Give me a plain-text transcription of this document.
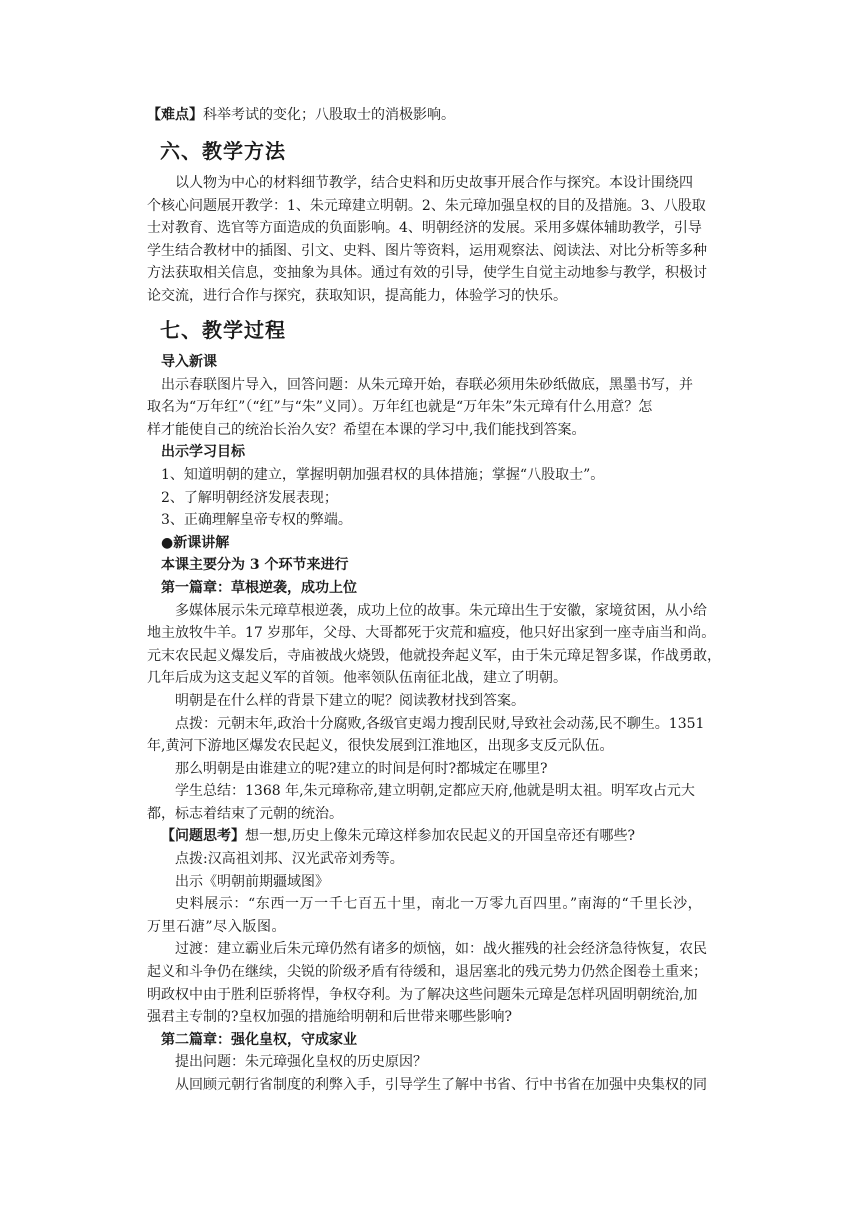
【难点】科举考试的变化；八股取士的消极影响。
六、教学方法
以人物为中心的材料细节教学，结合史料和历史故事开展合作与探究。本设计围绕四
个核心问题展开教学：1、朱元璋建立明朝。2、朱元璋加强皇权的目的及措施。3、八股取
士对教育、选官等方面造成的负面影响。4、明朝经济的发展。采用多媒体辅助教学，引导
学生结合教材中的插图、引文、史料、图片等资料，运用观察法、阅读法、对比分析等多种
方法获取相关信息，变抽象为具体。通过有效的引导，使学生自觉主动地参与教学，积极讨
论交流，进行合作与探究，获取知识，提高能力，体验学习的快乐。
七、教学过程
导入新课
出示春联图片导入，回答问题：从朱元璋开始，春联必须用朱砂纸做底，黑墨书写，并
取名为“万年红”（“红”与“朱”义同）。万年红也就是“万年朱”朱元璋有什么用意？怎
样才能使自己的统治长治久安？希望在本课的学习中,我们能找到答案。
出示学习目标
1、知道明朝的建立，掌握明朝加强君权的具体措施；掌握“八股取士”。
2、了解明朝经济发展表现；
3、正确理解皇帝专权的弊端。
●新课讲解
本课主要分为 3 个环节来进行
第一篇章：草根逆袭，成功上位
多媒体展示朱元璋草根逆袭，成功上位的故事。朱元璋出生于安徽，家境贫困，从小给
地主放牧牛羊。17 岁那年，父母、大哥都死于灾荒和瘟疫，他只好出家到一座寺庙当和尚。
元末农民起义爆发后，寺庙被战火烧毁，他就投奔起义军，由于朱元璋足智多谋，作战勇敢，
几年后成为这支起义军的首领。他率领队伍南征北战，建立了明朝。
明朝是在什么样的背景下建立的呢？阅读教材找到答案。
点拨：元朝末年,政治十分腐败,各级官吏竭力搜刮民财,导致社会动荡,民不聊生。1351
年,黄河下游地区爆发农民起义，很快发展到江淮地区，出现多支反元队伍。
那么明朝是由谁建立的呢?建立的时间是何时?都城定在哪里?
学生总结：1368 年,朱元璋称帝,建立明朝,定都应天府,他就是明太祖。明军攻占元大
都，标志着结束了元朝的统治。
【问题思考】想一想,历史上像朱元璋这样参加农民起义的开国皇帝还有哪些?
点拨:汉高祖刘邦、汉光武帝刘秀等。
出示《明朝前期疆域图》
史料展示：“东西一万一千七百五十里，南北一万零九百四里。”南海的“千里长沙，
万里石溏”尽入版图。
过渡：建立霸业后朱元璋仍然有诸多的烦恼，如：战火摧残的社会经济急待恢复，农民
起义和斗争仍在继续，尖锐的阶级矛盾有待缓和，退居塞北的残元势力仍然企图卷土重来；
明政权中由于胜利臣骄将悍，争权夺利。为了解决这些问题朱元璋是怎样巩固明朝统治,加
强君主专制的?皇权加强的措施给明朝和后世带来哪些影响?
第二篇章：强化皇权，守成家业
提出问题：朱元璋强化皇权的历史原因？
从回顾元朝行省制度的利弊入手，引导学生了解中书省、行中书省在加强中央集权的同
